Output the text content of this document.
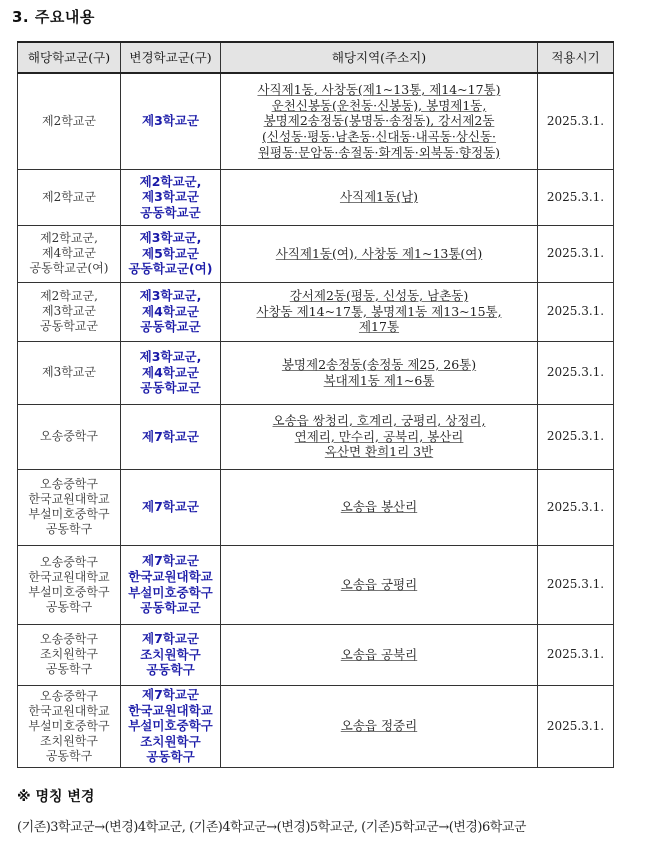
3. 주요내용
해당학교군(구)	변경학교군(구)	해당지역(주소지)	적용시기

제2학교군	제3학교군	사직제1동, 사창동(제1~13통, 제14~17통)
운천신봉동(운천동·신봉동), 봉명제1동,
봉명제2송정동(봉명동·송정동), 강서제2동
(신성동·평동·남촌동·신대동·내곡동·상신동·
원평동·문암동·송절동·화계동·외북동·향정동)	2025.3.1.

제2학교군	제2학교군,
제3학교군
공동학교군	사직제1동(남)	2025.3.1.

제2학교군,
제4학교군
공동학교군(여)	제3학교군,
제5학교군
공동학교군(여)	사직제1동(여), 사창동 제1~13통(여)	2025.3.1.

제2학교군,
제3학교군
공동학교군	제3학교군,
제4학교군
공동학교군	강서제2동(평동, 신성동, 남촌동)
사창동 제14~17통, 봉명제1동 제13~15통,
제17통	2025.3.1.

제3학교군	제3학교군,
제4학교군
공동학교군	봉명제2송정동(송정동 제25, 26통)
복대제1동 제1~6통	2025.3.1.

오송중학구	제7학교군	오송읍 쌍청리, 호계리, 궁평리, 상정리,
연제리, 만수리, 공북리, 봉산리
옥산면 환희1리 3반	2025.3.1.

오송중학구
한국교원대학교
부설미호중학구
공동학구	제7학교군	오송읍 봉산리	2025.3.1.

오송중학구
한국교원대학교
부설미호중학구
공동학구	제7학교군
한국교원대학교
부설미호중학구
공동학교군	오송읍 궁평리	2025.3.1.

오송중학구
조치원학구
공동학구	제7학교군
조치원학구
공동학구	오송읍 공북리	2025.3.1.

오송중학구
한국교원대학교
부설미호중학구
조치원학구
공동학구	제7학교군
한국교원대학교
부설미호중학구
조치원학구
공동학구	오송읍 정중리	2025.3.1.
※ 명칭 변경
(기존)3학교군→(변경)4학교군, (기존)4학교군→(변경)5학교군, (기존)5학교군→(변경)6학교군
